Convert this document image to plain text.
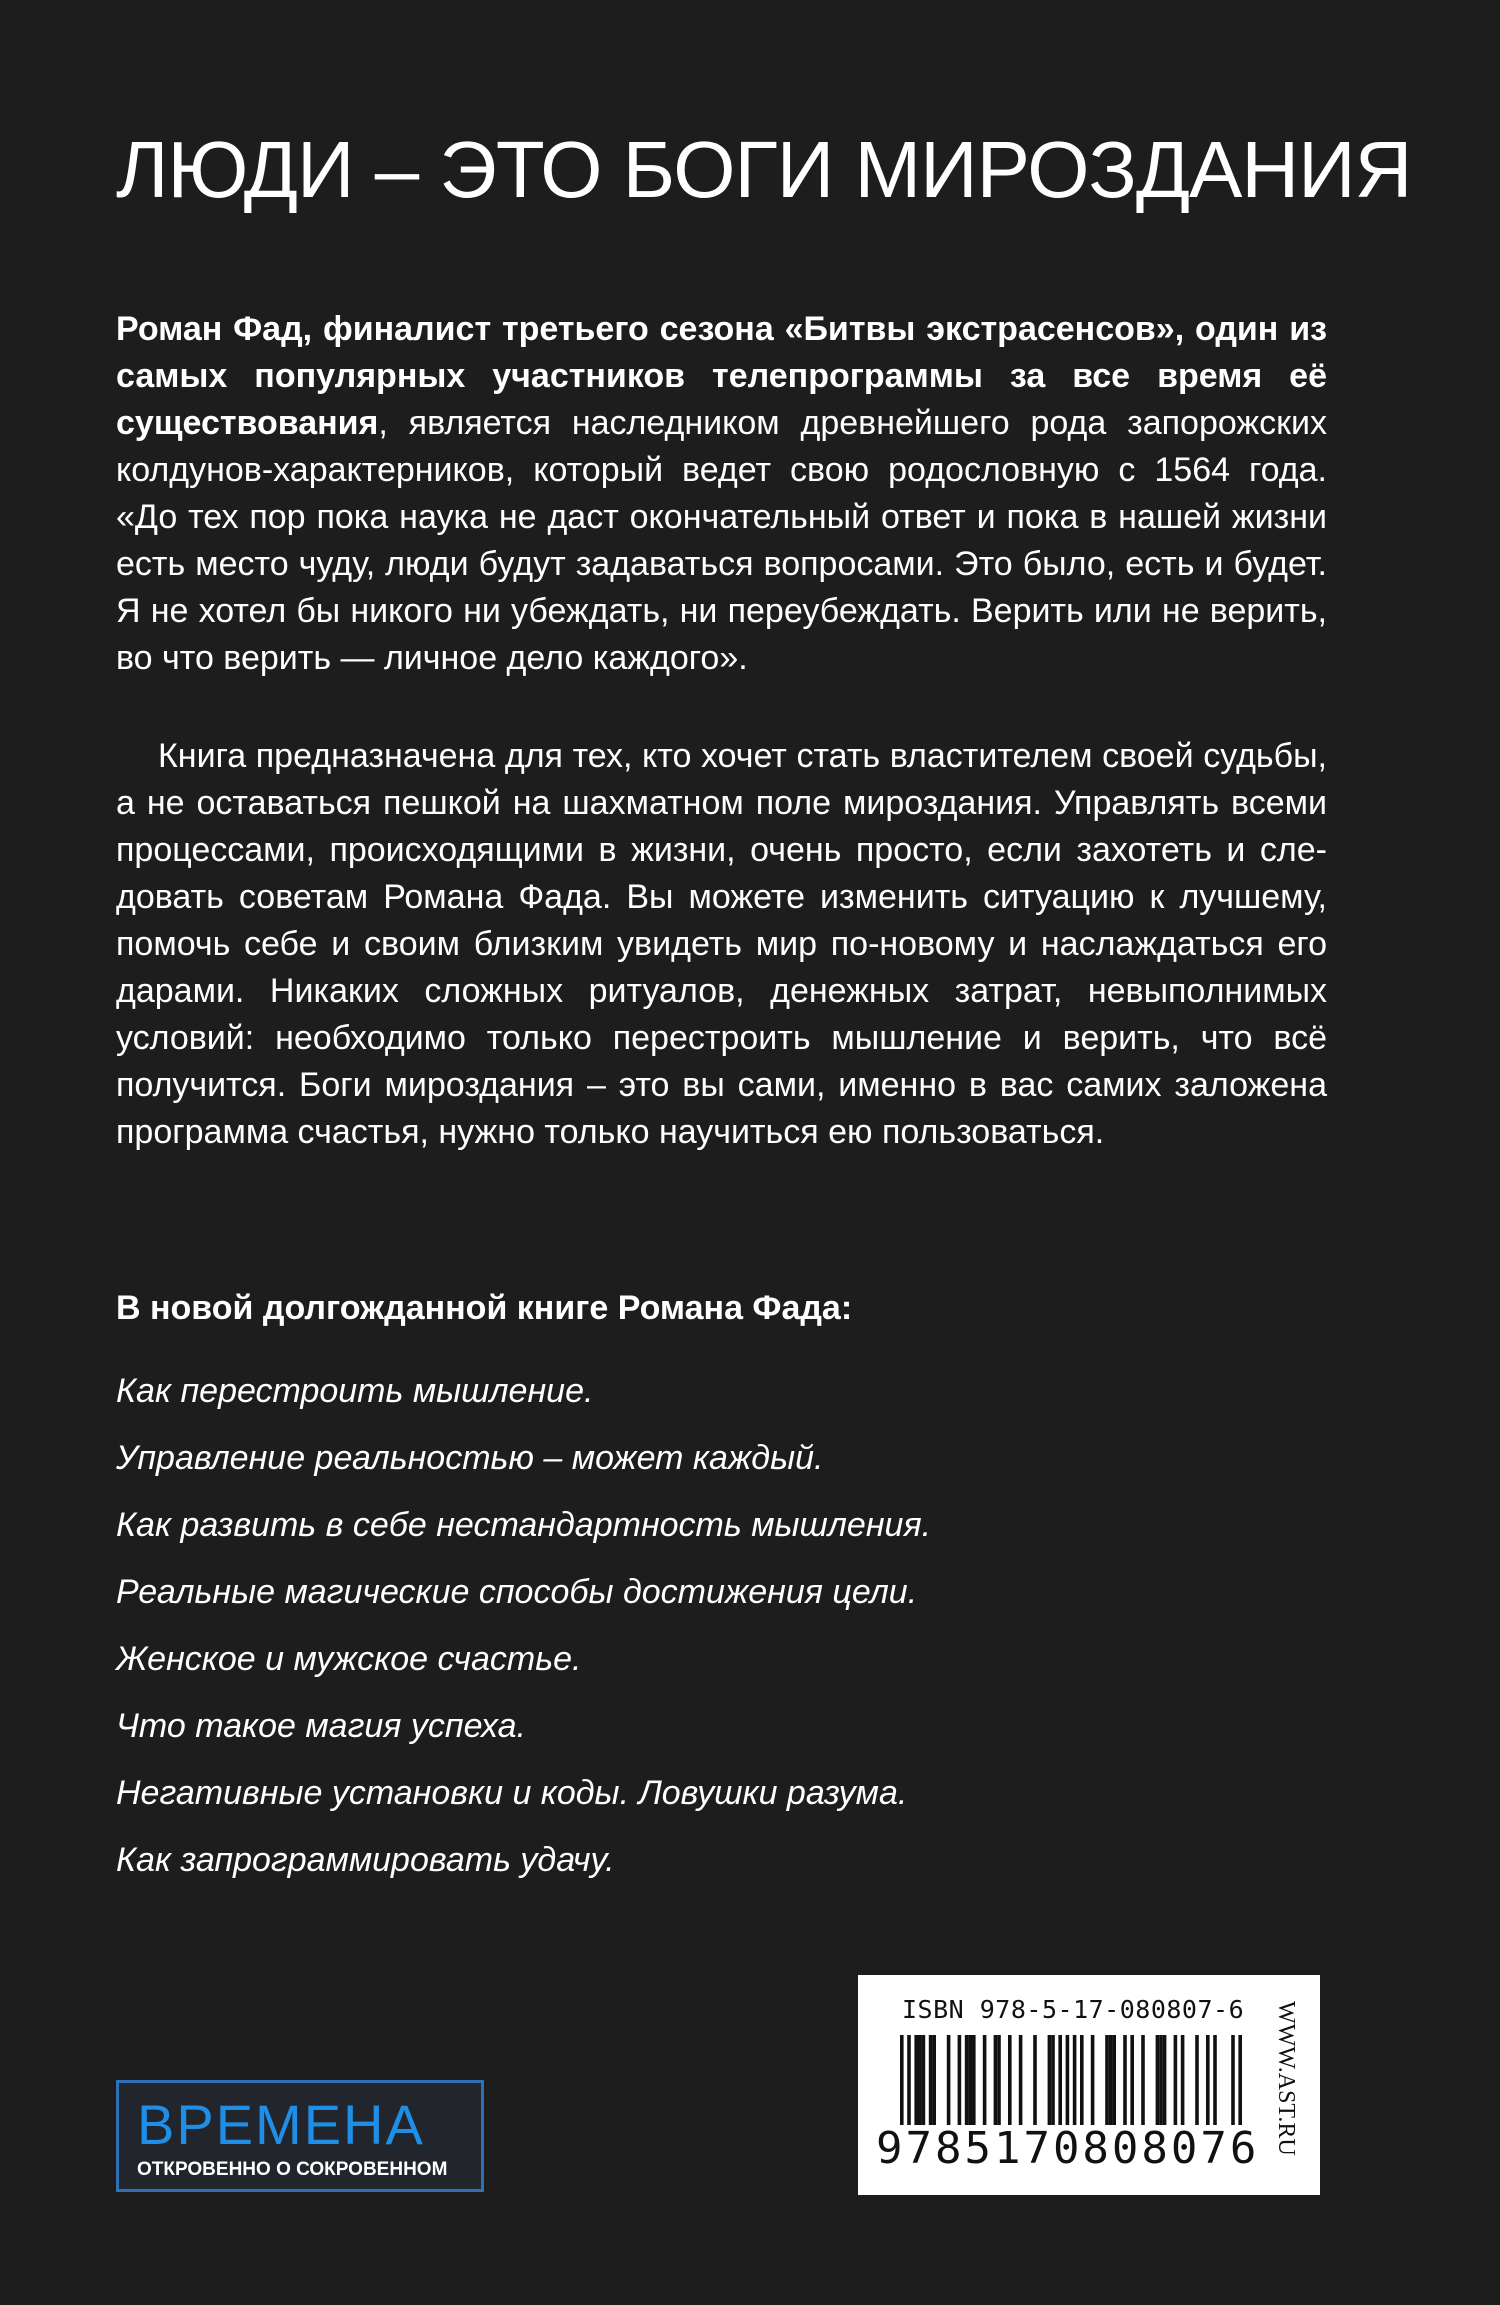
ЛЮДИ – ЭТО БОГИ МИРОЗДАНИЯ
Роман Фад, финалист третьего сезона «Битвы экстрасенсов», один из самых популярных участников телепрограммы за все время её существования, является наследником древнейшего рода запорожских колдунов-характерников, который ведет свою родословную с 1564 года. «До тех пор пока наука не даст окончательный ответ и пока в нашей жизни есть место чуду, люди будут задаваться вопросами. Это было, есть и будет. Я не хотел бы никого ни убеждать, ни переубеждать. Верить или не верить, во что верить — личное дело каждого».
Книга предназначена для тех, кто хочет стать властителем своей судьбы, а не оставаться пешкой на шахматном поле мироздания. Управлять всеми процессами, происходящими в жизни, очень просто, если захотеть и следовать советам Романа Фада. Вы можете изменить ситуацию к лучшему, помочь себе и своим близким увидеть мир по-новому и наслаждаться его дарами. Никаких сложных ритуалов, денежных затрат, невыполнимых условий: необходимо только перестроить мышление и верить, что всё получится. Боги мироздания – это вы сами, именно в вас самих заложена программа счастья, нужно только научиться ею пользоваться.
В новой долгожданной книге Романа Фада:
Как перестроить мышление.
Управление реальностью – может каждый.
Как развить в себе нестандартность мышления.
Реальные магические способы достижения цели.
Женское и мужское счастье.
Что такое магия успеха.
Негативные установки и коды. Ловушки разума.
Как запрограммировать удачу.
ВРЕМЕНА
ОТКРОВЕННО О СОКРОВЕННОМ
ISBN 978-5-17-080807-6
9785170808076 WWW.AST.RU
